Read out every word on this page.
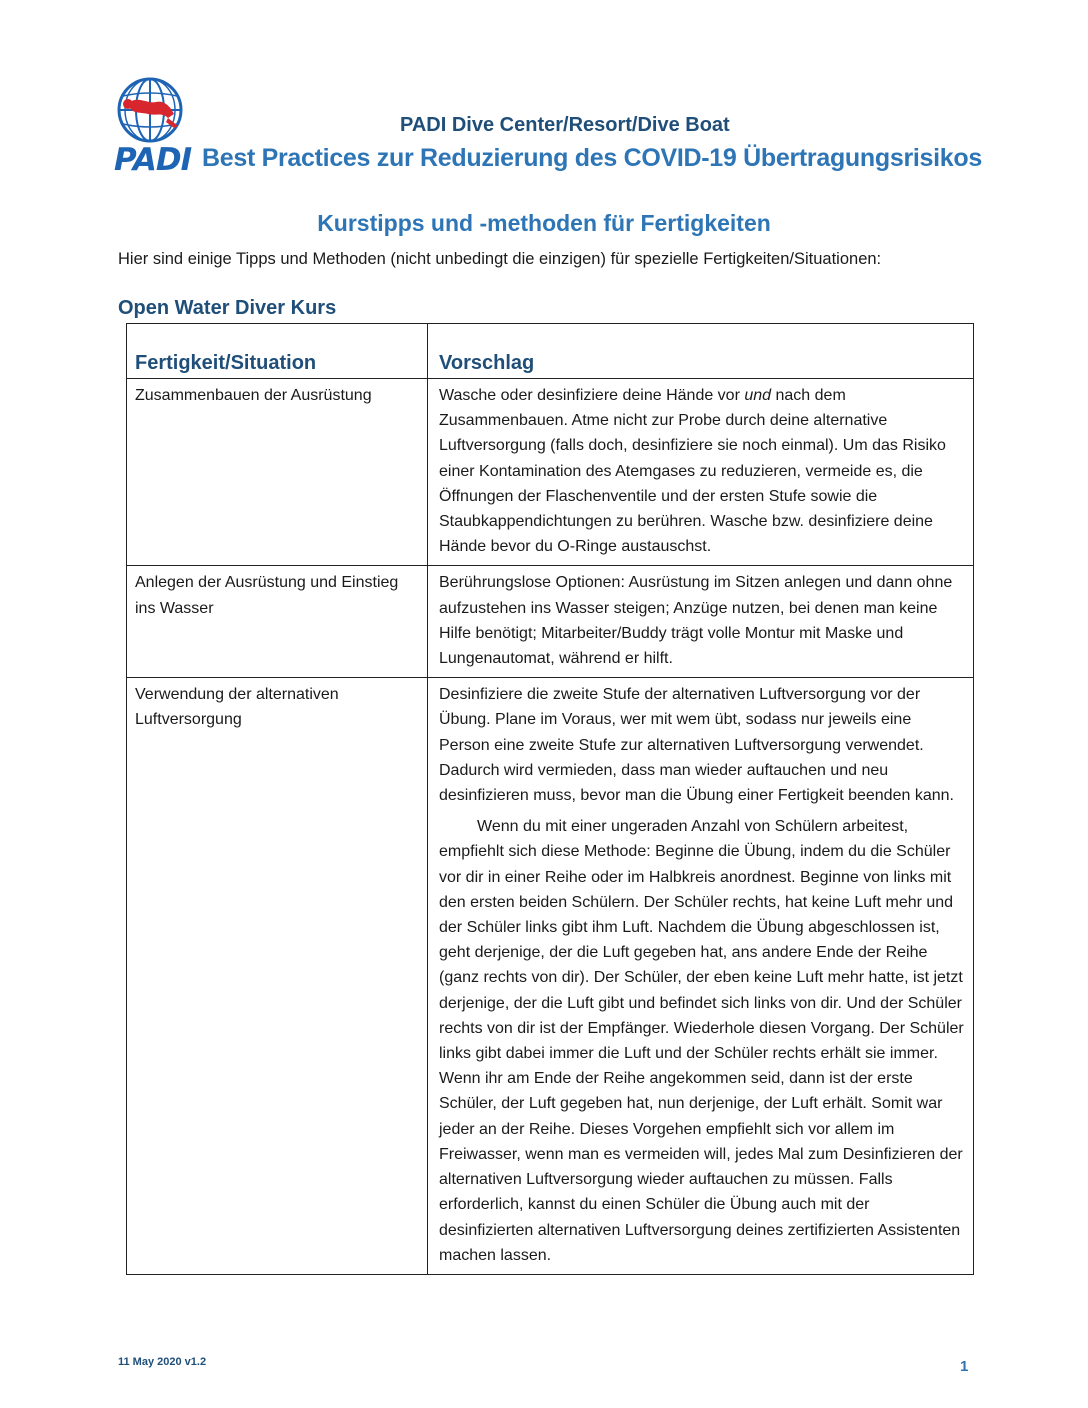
PADI
PADI Dive Center/Resort/Dive Boat
Best Practices zur Reduzierung des COVID-19 Übertragungsrisikos
Kurstipps und -methoden für Fertigkeiten
Hier sind einige Tipps und Methoden (nicht unbedingt die einzigen) für spezielle Fertigkeiten/Situationen:
Open Water Diver Kurs
Fertigkeit/Situation	Vorschlag
Zusammenbauen der Ausrüstung	Wasche oder desinfiziere deine Hände vor und nach dem Zusammenbauen. Atme nicht zur Probe durch deine alternative Luftversorgung (falls doch, desinfiziere sie noch einmal). Um das Risiko einer Kontamination des Atemgases zu reduzieren, vermeide es, die Öffnungen der Flaschenventile und der ersten Stufe sowie die Staubkappendichtungen zu berühren. Wasche bzw. desinfiziere deine Hände bevor du O-Ringe austauschst.
Anlegen der Ausrüstung und Einstieg ins Wasser	Berührungslose Optionen: Ausrüstung im Sitzen anlegen und dann ohne aufzustehen ins Wasser steigen; Anzüge nutzen, bei denen man keine Hilfe benötigt; Mitarbeiter/Buddy trägt volle Montur mit Maske und Lungenautomat, während er hilft.
Verwendung der alternativen Luftversorgung	Desinfiziere die zweite Stufe der alternativen Luftversorgung vor der Übung. Plane im Voraus, wer mit wem übt, sodass nur jeweils eine Person eine zweite Stufe zur alternativen Luftversorgung verwendet. Dadurch wird vermieden, dass man wieder auftauchen und neu desinfizieren muss, bevor man die Übung einer Fertigkeit beenden kann.

Wenn du mit einer ungeraden Anzahl von Schülern arbeitest, empfiehlt sich diese Methode: Beginne die Übung, indem du die Schüler vor dir in einer Reihe oder im Halbkreis anordnest. Beginne von links mit den ersten beiden Schülern. Der Schüler rechts, hat keine Luft mehr und der Schüler links gibt ihm Luft. Nachdem die Übung abgeschlossen ist, geht derjenige, der die Luft gegeben hat, ans andere Ende der Reihe (ganz rechts von dir). Der Schüler, der eben keine Luft mehr hatte, ist jetzt derjenige, der die Luft gibt und befindet sich links von dir. Und der Schüler rechts von dir ist der Empfänger. Wiederhole diesen Vorgang. Der Schüler links gibt dabei immer die Luft und der Schüler rechts erhält sie immer. Wenn ihr am Ende der Reihe angekommen seid, dann ist der erste Schüler, der Luft gegeben hat, nun derjenige, der Luft erhält. Somit war jeder an der Reihe. Dieses Vorgehen empfiehlt sich vor allem im Freiwasser, wenn man es vermeiden will, jedes Mal zum Desinfizieren der alternativen Luftversorgung wieder auftauchen zu müssen. Falls erforderlich, kannst du einen Schüler die Übung auch mit der desinfizierten alternativen Luftversorgung deines zertifizierten Assistenten machen lassen.

11 May 2020 v1.2	1
